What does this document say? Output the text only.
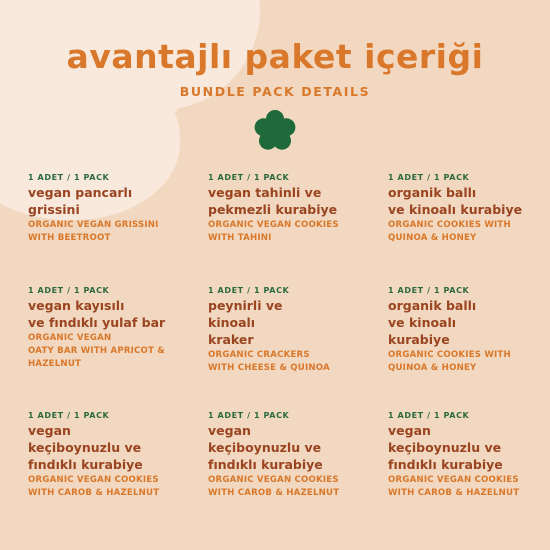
avantajlı paket içeriği
BUNDLE PACK DETAILS
1 ADET / 1 PACK
vegan pancarlı
grissini
ORGANIC VEGAN GRISSINI
WITH BEETROOT
1 ADET / 1 PACK
vegan tahinli ve
pekmezli kurabiye
ORGANIC VEGAN COOKIES
WITH TAHINI
1 ADET / 1 PACK
organik ballı
ve kinoalı kurabiye
ORGANIC COOKIES WITH
QUINOA & HONEY
1 ADET / 1 PACK
vegan kayısılı
ve fındıklı yulaf bar
ORGANIC VEGAN
OATY BAR WITH APRICOT &
HAZELNUT
1 ADET / 1 PACK
peynirli ve
kinoalı
kraker
ORGANIC CRACKERS
WITH CHEESE & QUINOA
1 ADET / 1 PACK
organik ballı
ve kinoalı
kurabiye
ORGANIC COOKIES WITH
QUINOA & HONEY
1 ADET / 1 PACK
vegan
keçiboynuzlu ve
fındıklı kurabiye
ORGANIC VEGAN COOKIES
WITH CAROB & HAZELNUT
1 ADET / 1 PACK
vegan
keçiboynuzlu ve
fındıklı kurabiye
ORGANIC VEGAN COOKIES
WITH CAROB & HAZELNUT
1 ADET / 1 PACK
vegan
keçiboynuzlu ve
fındıklı kurabiye
ORGANIC VEGAN COOKIES
WITH CAROB & HAZELNUT
